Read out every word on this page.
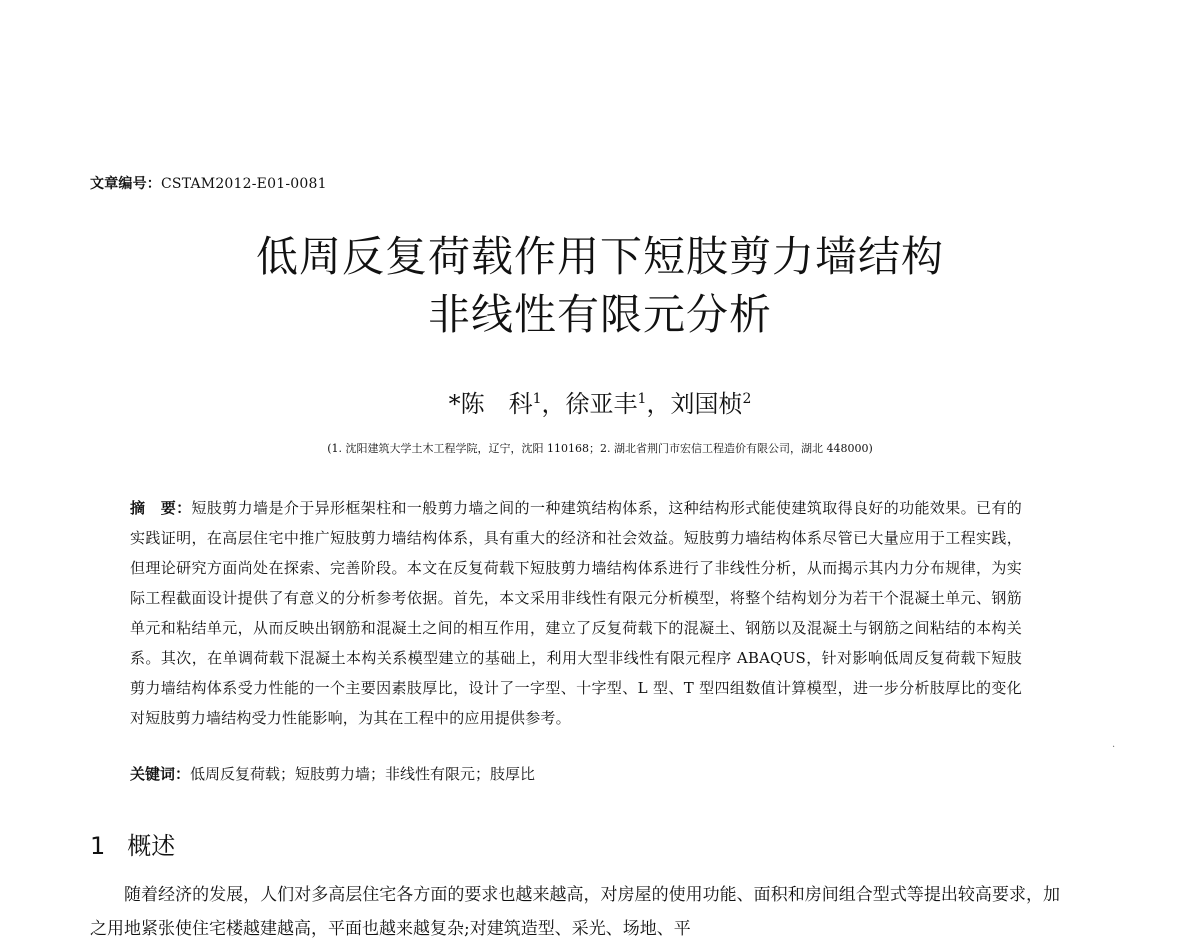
文章编号：CSTAM2012-E01-0081
低周反复荷载作用下短肢剪力墙结构
非线性有限元分析
*陈　科$^1$，徐亚丰$^1$，刘国桢$^2$
(1. 沈阳建筑大学土木工程学院，辽宁，沈阳 110168；2. 湖北省荆门市宏信工程造价有限公司，湖北 448000)
摘　要：短肢剪力墙是介于异形框架柱和一般剪力墙之间的一种建筑结构体系，这种结构形式能使建筑取得良好的功能效果。已有的实践证明，在高层住宅中推广短肢剪力墙结构体系，具有重大的经济和社会效益。短肢剪力墙结构体系尽管已大量应用于工程实践，但理论研究方面尚处在探索、完善阶段。本文在反复荷载下短肢剪力墙结构体系进行了非线性分析，从而揭示其内力分布规律，为实际工程截面设计提供了有意义的分析参考依据。首先，本文采用非线性有限元分析模型，将整个结构划分为若干个混凝土单元、钢筋单元和粘结单元，从而反映出钢筋和混凝土之间的相互作用，建立了反复荷载下的混凝土、钢筋以及混凝土与钢筋之间粘结的本构关系。其次，在单调荷载下混凝土本构关系模型建立的基础上，利用大型非线性有限元程序 ABAQUS，针对影响低周反复荷载下短肢剪力墙结构体系受力性能的一个主要因素肢厚比，设计了一字型、十字型、L 型、T 型四组数值计算模型，进一步分析肢厚比的变化对短肢剪力墙结构受力性能影响，为其在工程中的应用提供参考。
关键词：低周反复荷载；短肢剪力墙；非线性有限元；肢厚比
1 概述
随着经济的发展，人们对多高层住宅各方面的要求也越来越高，对房屋的使用功能、面积和房间组合型式等提出较高要求，加之用地紧张使住宅楼越建越高，平面也越来越复杂;对建筑造型、采光、场地、平
·
